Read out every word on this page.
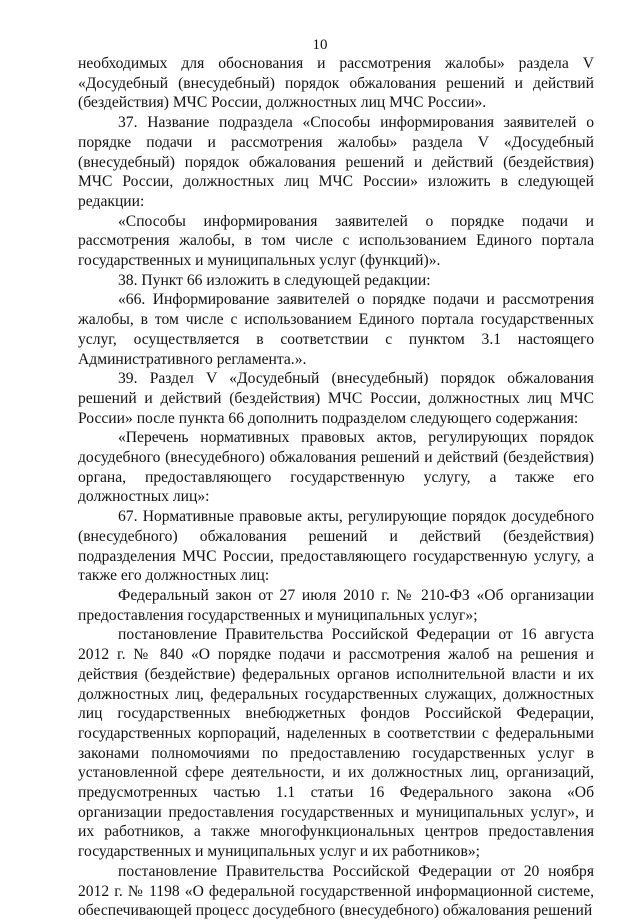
10

необходимых для обоснования и рассмотрения жалобы» раздела V «Досудебный (внесудебный) порядок обжалования решений и действий (бездействия) МЧС России, должностных лиц МЧС России».

37. Название подраздела «Способы информирования заявителей о порядке подачи и рассмотрения жалобы» раздела V «Досудебный (внесудебный) порядок обжалования решений и действий (бездействия) МЧС России, должностных лиц МЧС России» изложить в следующей редакции:

«Способы информирования заявителей о порядке подачи и рассмотрения жалобы, в том числе с использованием Единого портала государственных и муниципальных услуг (функций)».

38. Пункт 66 изложить в следующей редакции:

«66. Информирование заявителей о порядке подачи и рассмотрения жалобы, в том числе с использованием Единого портала государственных услуг, осуществляется в соответствии с пунктом 3.1 настоящего Административного регламента.».

39. Раздел V «Досудебный (внесудебный) порядок обжалования решений и действий (бездействия) МЧС России, должностных лиц МЧС России» после пункта 66 дополнить подразделом следующего содержания:

«Перечень нормативных правовых актов, регулирующих порядок досудебного (внесудебного) обжалования решений и действий (бездействия) органа, предоставляющего государственную услугу, а также его должностных лиц»:

67. Нормативные правовые акты, регулирующие порядок досудебного (внесудебного) обжалования решений и действий (бездействия) подразделения МЧС России, предоставляющего государственную услугу, а также его должностных лиц:

Федеральный закон от 27 июля 2010 г. № 210-ФЗ «Об организации предоставления государственных и муниципальных услуг»;

постановление Правительства Российской Федерации от 16 августа 2012 г. № 840 «О порядке подачи и рассмотрения жалоб на решения и действия (бездействие) федеральных органов исполнительной власти и их должностных лиц, федеральных государственных служащих, должностных лиц государственных внебюджетных фондов Российской Федерации, государственных корпораций, наделенных в соответствии с федеральными законами полномочиями по предоставлению государственных услуг в установленной сфере деятельности, и их должностных лиц, организаций, предусмотренных частью 1.1 статьи 16 Федерального закона «Об организации предоставления государственных и муниципальных услуг», и их работников, а также многофункциональных центров предоставления государственных и муниципальных услуг и их работников»;

постановление Правительства Российской Федерации от 20 ноября 2012 г. № 1198 «О федеральной государственной информационной системе, обеспечивающей процесс досудебного (внесудебного) обжалования решений
